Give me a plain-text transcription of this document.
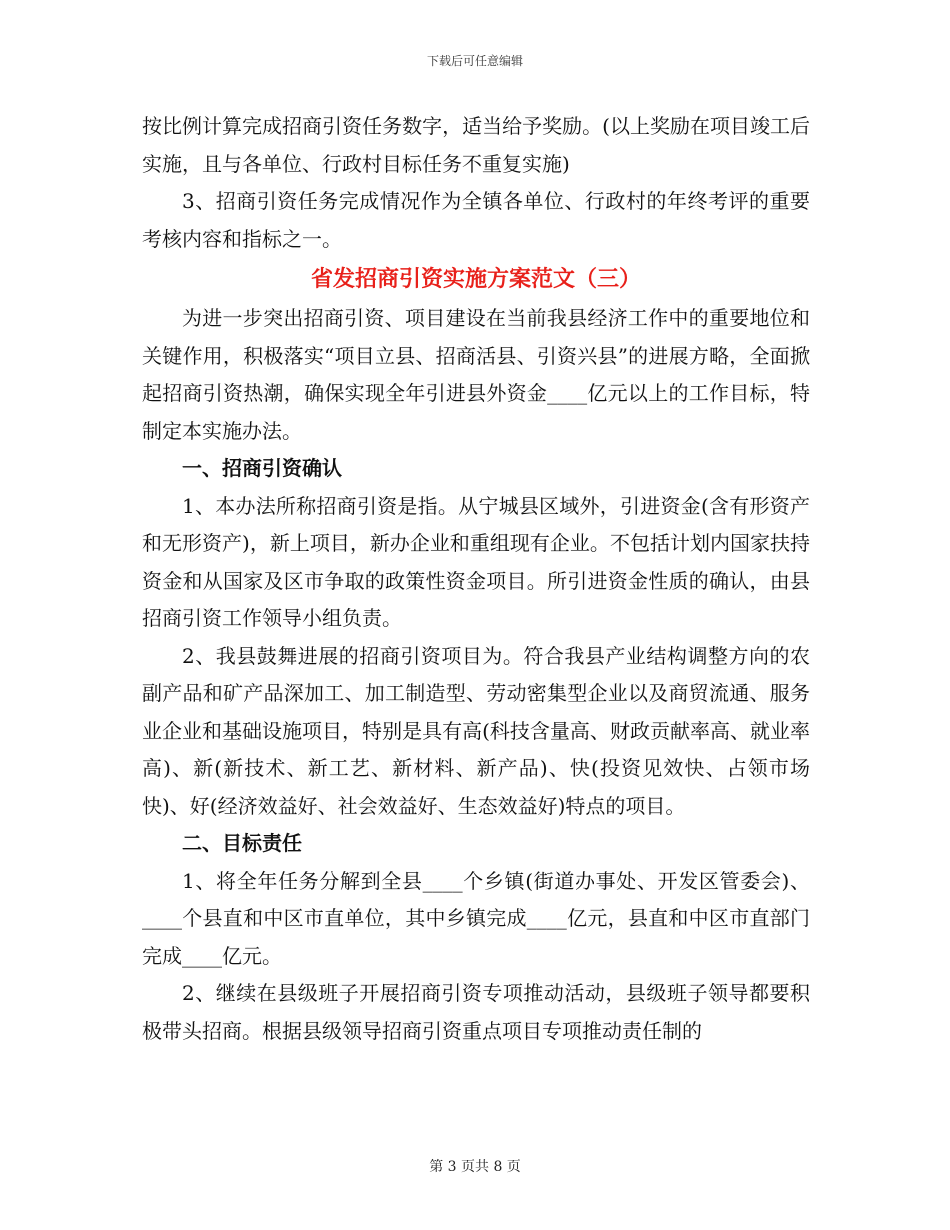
下载后可任意编辑

按比例计算完成招商引资任务数字，适当给予奖励。(以上奖励在项目竣工后实施，且与各单位、行政村目标任务不重复实施)

3、招商引资任务完成情况作为全镇各单位、行政村的年终考评的重要考核内容和指标之一。

省发招商引资实施方案范文（三）

为进一步突出招商引资、项目建设在当前我县经济工作中的重要地位和关键作用，积极落实“项目立县、招商活县、引资兴县”的进展方略，全面掀起招商引资热潮，确保实现全年引进县外资金____亿元以上的工作目标，特制定本实施办法。

一、招商引资确认

1、本办法所称招商引资是指。从宁城县区域外，引进资金(含有形资产和无形资产)，新上项目，新办企业和重组现有企业。不包括计划内国家扶持资金和从国家及区市争取的政策性资金项目。所引进资金性质的确认，由县招商引资工作领导小组负责。

2、我县鼓舞进展的招商引资项目为。符合我县产业结构调整方向的农副产品和矿产品深加工、加工制造型、劳动密集型企业以及商贸流通、服务业企业和基础设施项目，特别是具有高(科技含量高、财政贡献率高、就业率高)、新(新技术、新工艺、新材料、新产品)、快(投资见效快、占领市场快)、好(经济效益好、社会效益好、生态效益好)特点的项目。

二、目标责任

1、将全年任务分解到全县____个乡镇(街道办事处、开发区管委会)、____个县直和中区市直单位，其中乡镇完成____亿元，县直和中区市直部门完成____亿元。

2、继续在县级班子开展招商引资专项推动活动，县级班子领导都要积极带头招商。根据县级领导招商引资重点项目专项推动责任制的

第 3 页共 8 页
